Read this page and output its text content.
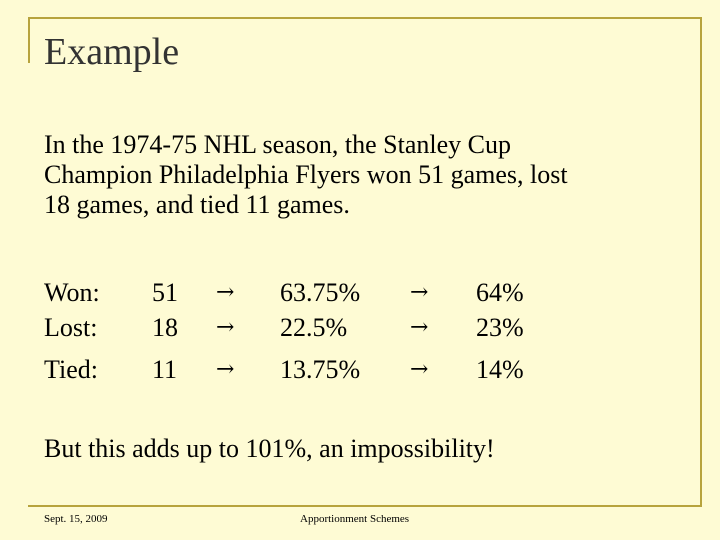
Example
In the 1974-75 NHL season, the Stanley Cup
Champion Philadelphia Flyers won 51 games, lost
18 games, and tied 11 games.
Won: 51 → 63.75% → 64%
Lost: 18 → 22.5%	→ 23%
Tied: 11 → 13.75% → 14%
But this adds up to 101%, an impossibility!
Sept. 15, 2009	Apportionment Schemes
